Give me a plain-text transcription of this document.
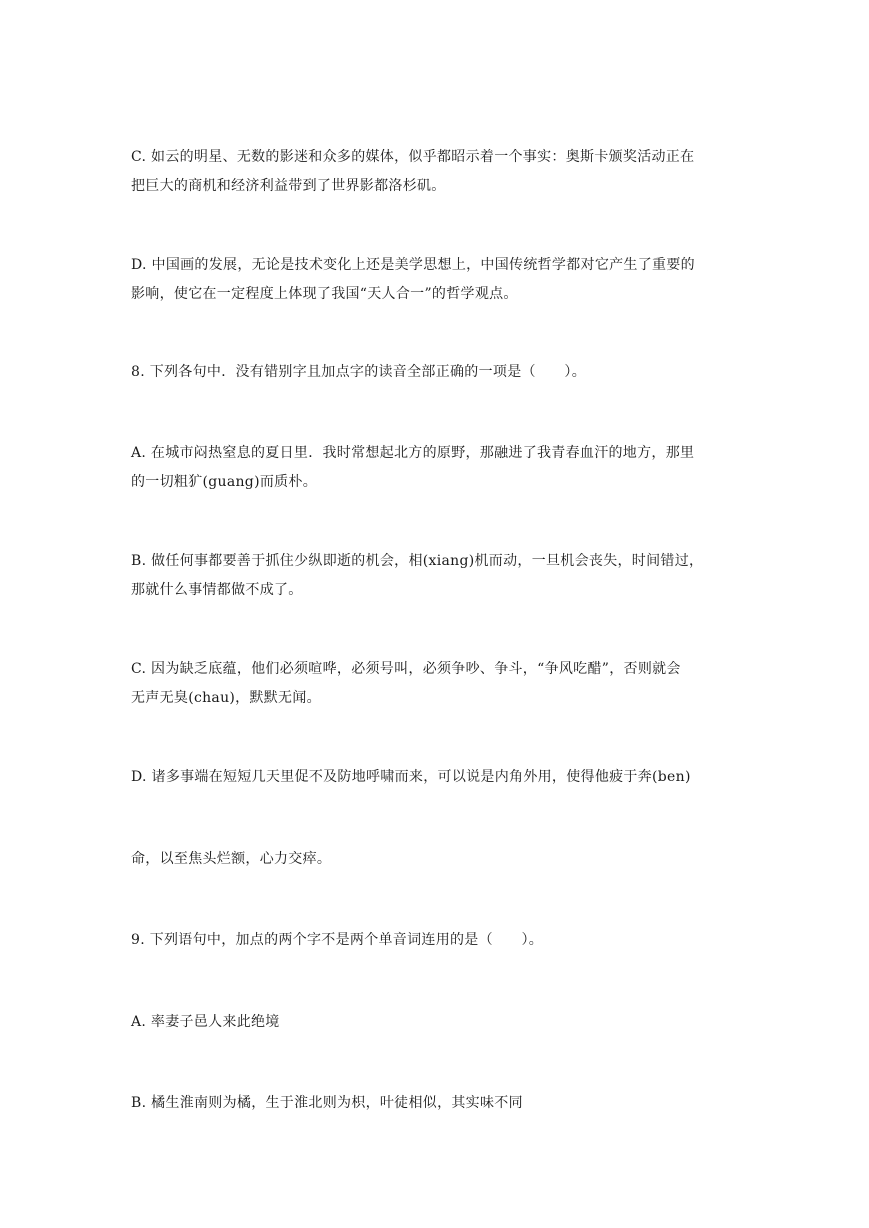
C. 如云的明星、无数的影迷和众多的媒体，似乎都昭示着一个事实：奥斯卡颁奖活动正在
把巨大的商机和经济利益带到了世界影都洛杉矶。
D. 中国画的发展，无论是技术变化上还是美学思想上，中国传统哲学都对它产生了重要的
影响，使它在一定程度上体现了我国“天人合一”的哲学观点。
8. 下列各句中．没有错别字且加点字的读音全部正确的一项是（　　）。
A. 在城市闷热窒息的夏日里．我时常想起北方的原野，那融进了我青春血汗的地方，那里
的一切粗犷(guang)而质朴。
B. 做任何事都要善于抓住少纵即逝的机会，相(xiang)机而动，一旦机会丧失，时间错过，
那就什么事情都做不成了。
C. 因为缺乏底蕴，他们必须喧哗，必须号叫，必须争吵、争斗，“争风吃醋”，否则就会
无声无臭(chau)，默默无闻。
D. 诸多事端在短短几天里促不及防地呼啸而来，可以说是内角外用，使得他疲于奔(ben)
命，以至焦头烂额，心力交瘁。
9. 下列语句中，加点的两个字不是两个单音词连用的是（　　）。
A. 率妻子邑人来此绝境
B. 橘生淮南则为橘，生于淮北则为枳，叶徒相似，其实味不同
